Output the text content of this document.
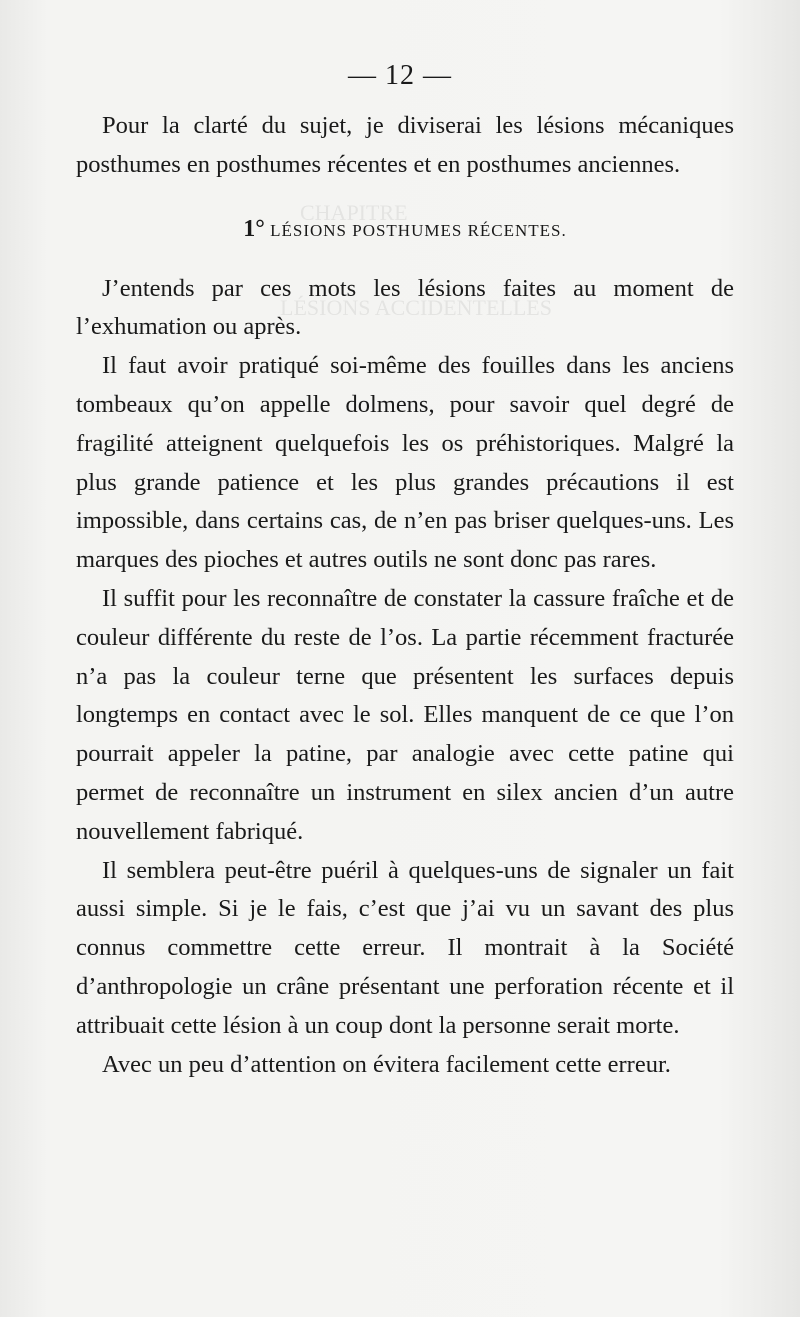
CHAPITRE
LÉSIONS ACCIDENTELLES
— 12 —

Pour la clarté du sujet, je diviserai les lésions mécaniques posthumes en posthumes récentes et en posthumes anciennes.

1° LÉSIONS POSTHUMES RÉCENTES.

J’entends par ces mots les lésions faites au moment de l’exhumation ou après.

Il faut avoir pratiqué soi-même des fouilles dans les anciens tombeaux qu’on appelle dolmens, pour savoir quel degré de fragilité atteignent quelquefois les os préhistoriques. Malgré la plus grande patience et les plus grandes précautions il est impossible, dans certains cas, de n’en pas briser quelques-uns. Les marques des pioches et autres outils ne sont donc pas rares.

Il suffit pour les reconnaître de constater la cassure fraîche et de couleur différente du reste de l’os. La partie récemment fracturée n’a pas la couleur terne que présentent les surfaces depuis longtemps en contact avec le sol. Elles manquent de ce que l’on pourrait appeler la patine, par analogie avec cette patine qui permet de reconnaître un instrument en silex ancien d’un autre nouvellement fabriqué.

Il semblera peut-être puéril à quelques-uns de signaler un fait aussi simple. Si je le fais, c’est que j’ai vu un savant des plus connus commettre cette erreur. Il montrait à la Société d’anthropologie un crâne présentant une perforation récente et il attribuait cette lésion à un coup dont la personne serait morte.

Avec un peu d’attention on évitera facilement cette erreur.
